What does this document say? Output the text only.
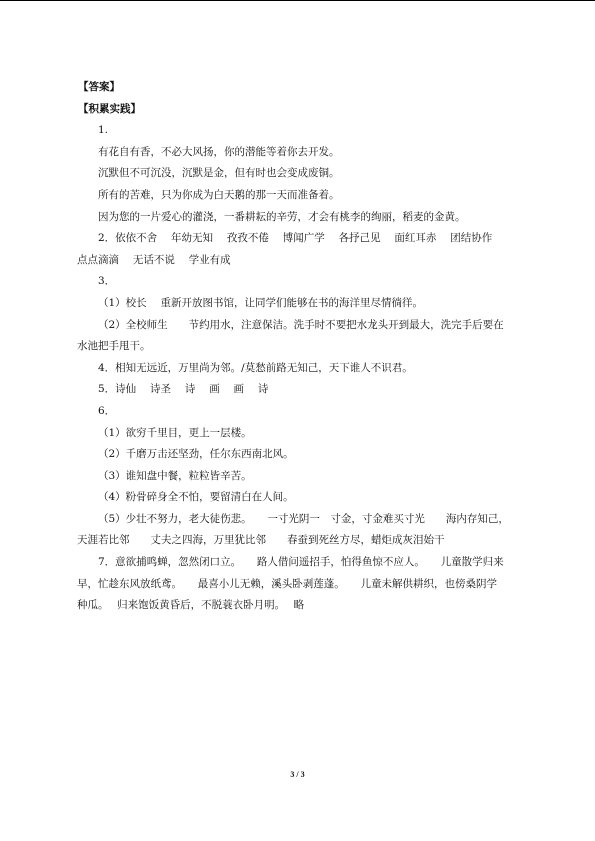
【答案】

【积累实践】

1.

有花自有香，不必大风扬，你的潜能等着你去开发。

沉默但不可沉没，沉默是金，但有时也会变成废铜。

所有的苦难，只为你成为白天鹅的那一天而准备着。

因为您的一片爱心的灌浇，一番耕耘的辛劳，才会有桃李的绚丽，稻麦的金黄。

2．依依不舍　 年幼无知　 孜孜不倦　 博闻广学　 各抒己见　 面红耳赤　 团结协作

点点滴滴　 无话不说　 学业有成

3．

（1）校长　 重新开放图书馆，让同学们能够在书的海洋里尽情徜徉。

（2）全校师生　　节约用水，注意保洁。洗手时不要把水龙头开到最大，洗完手后要在

水池把手甩干。

4．相知无远近，万里尚为邻。/莫愁前路无知己，天下谁人不识君。

5．诗仙　 诗圣　 诗　 画　 画　 诗

6．

（1）欲穷千里目，更上一层楼。

（2）千磨万击还坚劲，任尔东西南北风。

（3）谁知盘中餐，粒粒皆辛苦。

（4）粉骨碎身全不怕，要留清白在人间。

（5）少壮不努力，老大徒伤悲。　　一寸光阴一　寸金，寸金难买寸光　　海内存知己，

天涯若比邻　　丈夫之四海，万里犹比邻　　春蚕到死丝方尽，蜡炬成灰泪始干

7．意欲捕鸣蝉，忽然闭口立。　　路人借问遥招手，怕得鱼惊不应人。　　儿童散学归来

早，忙趁东风放纸鸢。　　最喜小儿无赖，溪头卧剥莲蓬。　　儿童未解供耕织，也傍桑阴学

种瓜。　 归来饱饭黄昏后，不脱蓑衣卧月明。　 略

3 / 3
